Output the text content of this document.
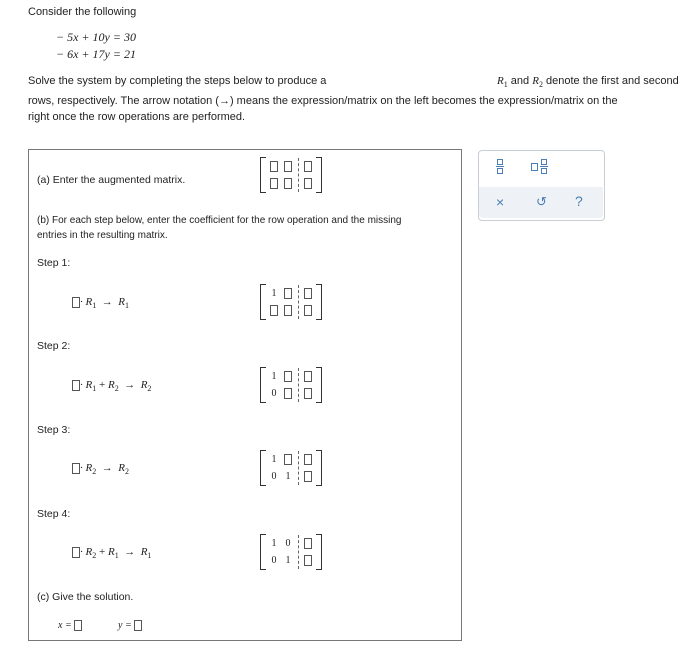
Consider the following
− 5x + 10y = 30
− 6x + 17y = 21
Solve the system by completing the steps below to produce a	$R_1$ and $R_2$ denote the first and second
rows, respectively. The arrow notation (→) means the expression/matrix on the left becomes the expression/matrix on the
right once the row operations are performed.
(a) Enter the augmented matrix.
(b) For each step below, enter the coefficient for the row operation and the missing
entries in the resulting matrix.
Step 1:
· $R_1 \to R_1$
1
Step 2:
· $R_1 + R_2 \to R_2$
1
0
Step 3:
· $R_2 \to R_2$
1
0 1
Step 4:
· $R_2 + R_1 \to R_1$
1 0
0 1
(c) Give the solution.
x =	y =
× ↺ ?
